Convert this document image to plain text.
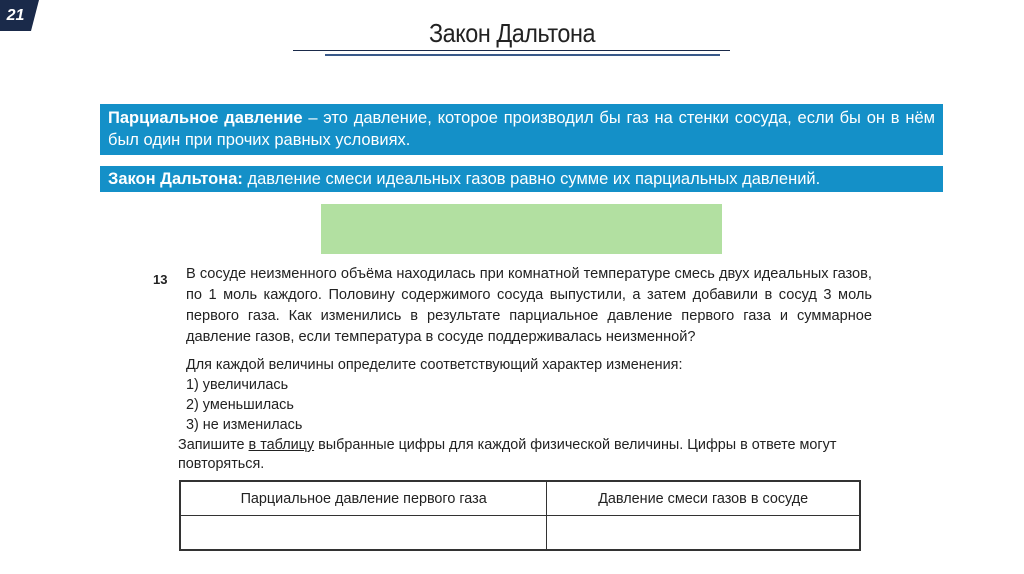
21
Закон Дальтона
Парциальное давление – это давление, которое производил бы газ на стенки сосуда, если бы он в нём был один при прочих равных условиях.
Закон Дальтона: давление смеси идеальных газов равно сумме их парциальных давлений.
13 В сосуде неизменного объёма находилась при комнатной температуре смесь двух идеальных газов, по 1 моль каждого. Половину содержимого сосуда выпустили, а затем добавили в сосуд 3 моль первого газа. Как изменились в результате парциальное давление первого газа и суммарное давление газов, если температура в сосуде поддерживалась неизменной?

Для каждой величины определите соответствующий характер изменения:
1) увеличилась
2) уменьшилась
3) не изменилась
Запишите в таблицу выбранные цифры для каждой физической величины. Цифры в ответе могут повторяться.
Парциальное давление первого газа	Давление смеси газов в сосуде
